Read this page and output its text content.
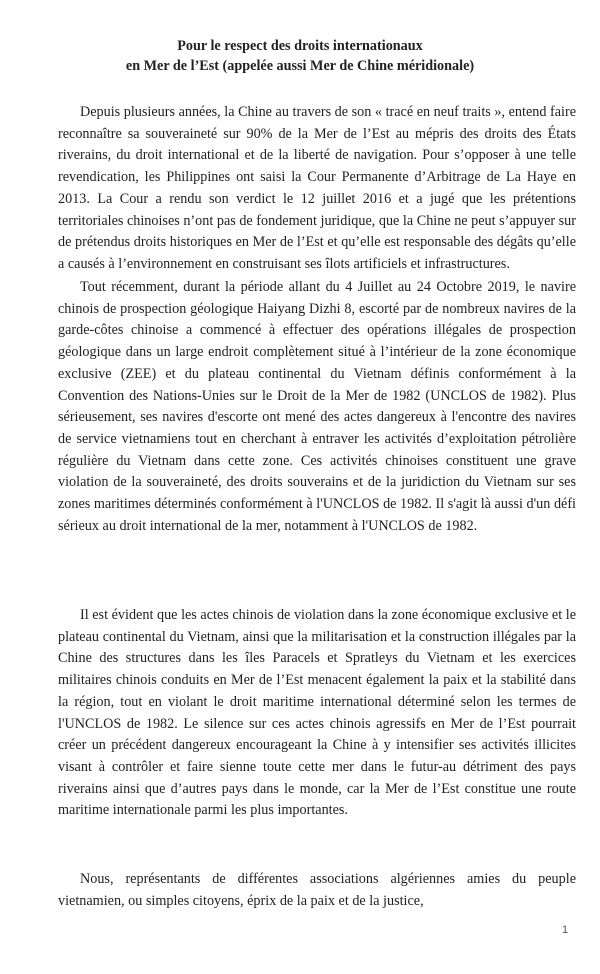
Pour le respect des droits internationaux
en Mer de l’Est (appelée aussi Mer de Chine méridionale)

Depuis plusieurs années, la Chine au travers de son « tracé en neuf traits », entend faire reconnaître sa souveraineté sur 90% de la Mer de l’Est au mépris des droits des États riverains, du droit international et de la liberté de navigation. Pour s’opposer à une telle revendication, les Philippines ont saisi la Cour Permanente d’Arbitrage de La Haye en 2013. La Cour a rendu son verdict le 12 juillet 2016 et a jugé que les prétentions territoriales chinoises n’ont pas de fondement juridique, que la Chine ne peut s’appuyer sur de prétendus droits historiques en Mer de l’Est et qu’elle est responsable des dégâts qu’elle a causés à l’environnement en construisant ses îlots artificiels et infrastructures.

Tout récemment, durant la période allant du 4 Juillet au 24 Octobre 2019, le navire chinois de prospection géologique Haiyang Dizhi 8, escorté par de nombreux navires de la garde-côtes chinoise a commencé à effectuer des opérations illégales de prospection géologique dans un large endroit complètement situé à l’intérieur de la zone économique exclusive (ZEE) et du plateau continental du Vietnam définis conformément à la Convention des Nations-Unies sur le Droit de la Mer de 1982 (UNCLOS de 1982). Plus sérieusement, ses navires d'escorte ont mené des actes dangereux à l'encontre des navires de service vietnamiens tout en cherchant à entraver les activités d’exploitation pétrolière régulière du Vietnam dans cette zone. Ces activités chinoises constituent une grave violation de la souveraineté, des droits souverains et de la juridiction du Vietnam sur ses zones maritimes déterminés conformément à l'UNCLOS de 1982. Il s'agit là aussi d'un défi sérieux au droit international de la mer, notamment à l'UNCLOS de 1982.

Il est évident que les actes chinois de violation dans la zone économique exclusive et le plateau continental du Vietnam, ainsi que la militarisation et la construction illégales par la Chine des structures dans les îles Paracels et Spratleys du Vietnam et les exercices militaires chinois conduits en Mer de l’Est menacent également la paix et la stabilité dans la région, tout en violant le droit maritime international déterminé selon les termes de l'UNCLOS de 1982. Le silence sur ces actes chinois agressifs en Mer de l’Est pourrait créer un précédent dangereux encourageant la Chine à y intensifier ses activités illicites visant à contrôler et faire sienne toute cette mer dans le futur-au détriment des pays riverains ainsi que d’autres pays dans le monde, car la Mer de l’Est constitue une route maritime internationale parmi les plus importantes.

Nous, représentants de différentes associations algériennes amies du peuple vietnamien, ou simples citoyens, éprix de la paix et de la justice,

1
